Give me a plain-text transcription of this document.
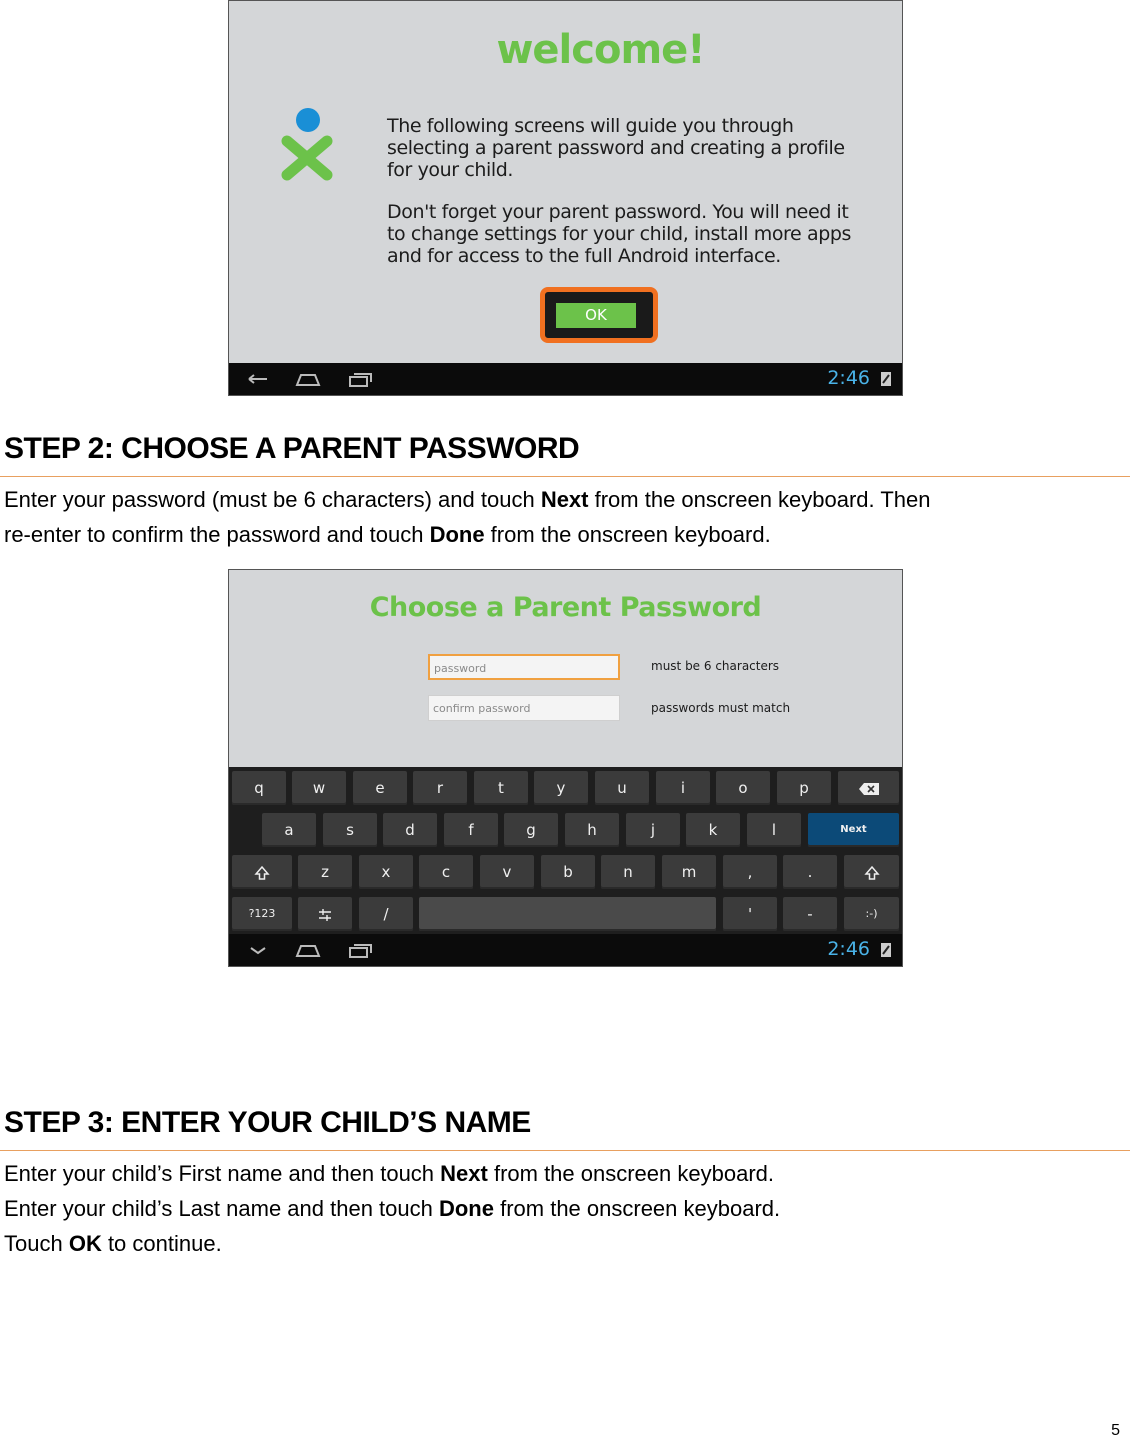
welcome!

The following screens will guide you through selecting a parent password and creating a profile for your child.

Don't forget your parent password. You will need it to change settings for your child, install more apps and for access to the full Android interface.

OK
2:46
STEP 2: CHOOSE A PARENT PASSWORD
Enter your password (must be 6 characters) and touch Next from the onscreen keyboard. Then
re-enter to confirm the password and touch Done from the onscreen keyboard.
Choose a Parent Password
password	must be 6 characters
confirm password	passwords must match
q	w	e	r	t	y	u	i	o	p
a	s	d	f	g	h	j	k	l	Next
z	x	c	v	b	n	m	,	.
?123	/	'	-	:-)
2:46
STEP 3: ENTER YOUR CHILD’S NAME
Enter your child’s First name and then touch Next from the onscreen keyboard.
Enter your child’s Last name and then touch Done from the onscreen keyboard.
Touch OK to continue.
5
